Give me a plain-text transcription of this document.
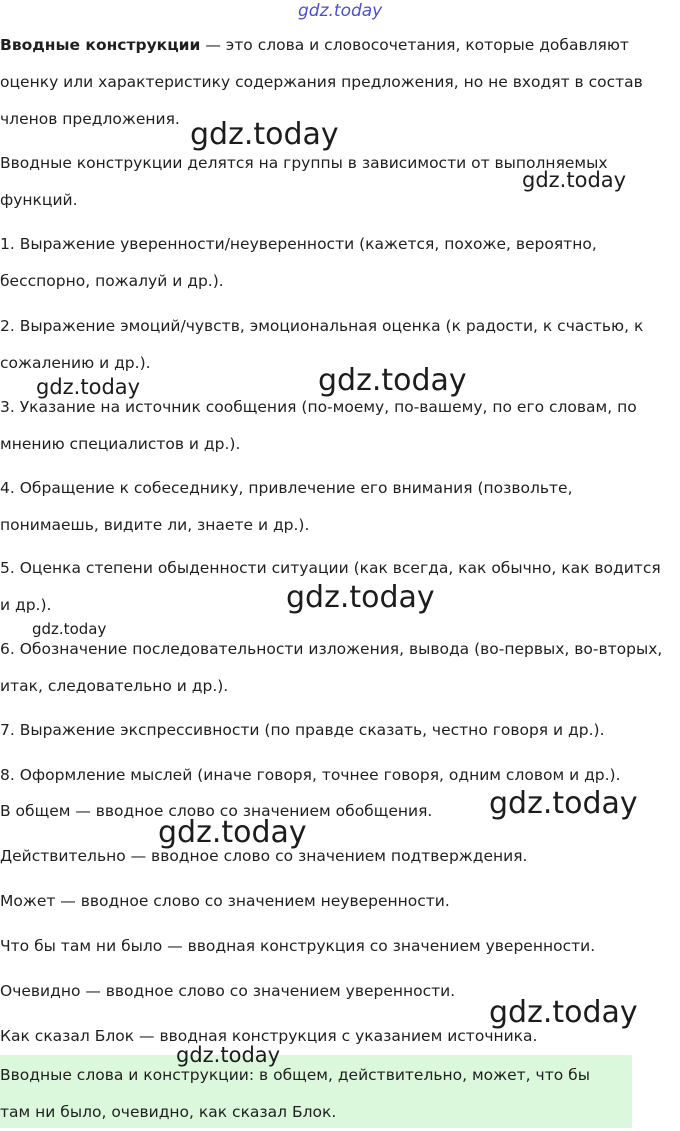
gdz.today

Вводные конструкции — это слова и словосочетания, которые добавляют оценку или характеристику содержания предложения, но не входят в состав членов предложения.

Вводные конструкции делятся на группы в зависимости от выполняемых функций.

1. Выражение уверенности/неуверенности (кажется, похоже, вероятно, бесспорно, пожалуй и др.).

2. Выражение эмоций/чувств, эмоциональная оценка (к радости, к счастью, к сожалению и др.).

3. Указание на источник сообщения (по-моему, по-вашему, по его словам, по мнению специалистов и др.).

4. Обращение к собеседнику, привлечение его внимания (позвольте, понимаешь, видите ли, знаете и др.).

5. Оценка степени обыденности ситуации (как всегда, как обычно, как водится и др.).

6. Обозначение последовательности изложения, вывода (во-первых, во-вторых, итак, следовательно и др.).

7. Выражение экспрессивности (по правде сказать, честно говоря и др.).

8. Оформление мыслей (иначе говоря, точнее говоря, одним словом и др.).

В общем — вводное слово со значением обобщения.

Действительно — вводное слово со значением подтверждения.

Может — вводное слово со значением неуверенности.

Что бы там ни было — вводная конструкция со значением уверенности.

Очевидно — вводное слово со значением уверенности.

Как сказал Блок — вводная конструкция с указанием источника.

Вводные слова и конструкции: в общем, действительно, может, что бы там ни было, очевидно, как сказал Блок.

gdz.today
gdz.today
gdz.today	gdz.today
gdz.today
gdz.today
gdz.today
gdz.today
gdz.today
gdz.today
